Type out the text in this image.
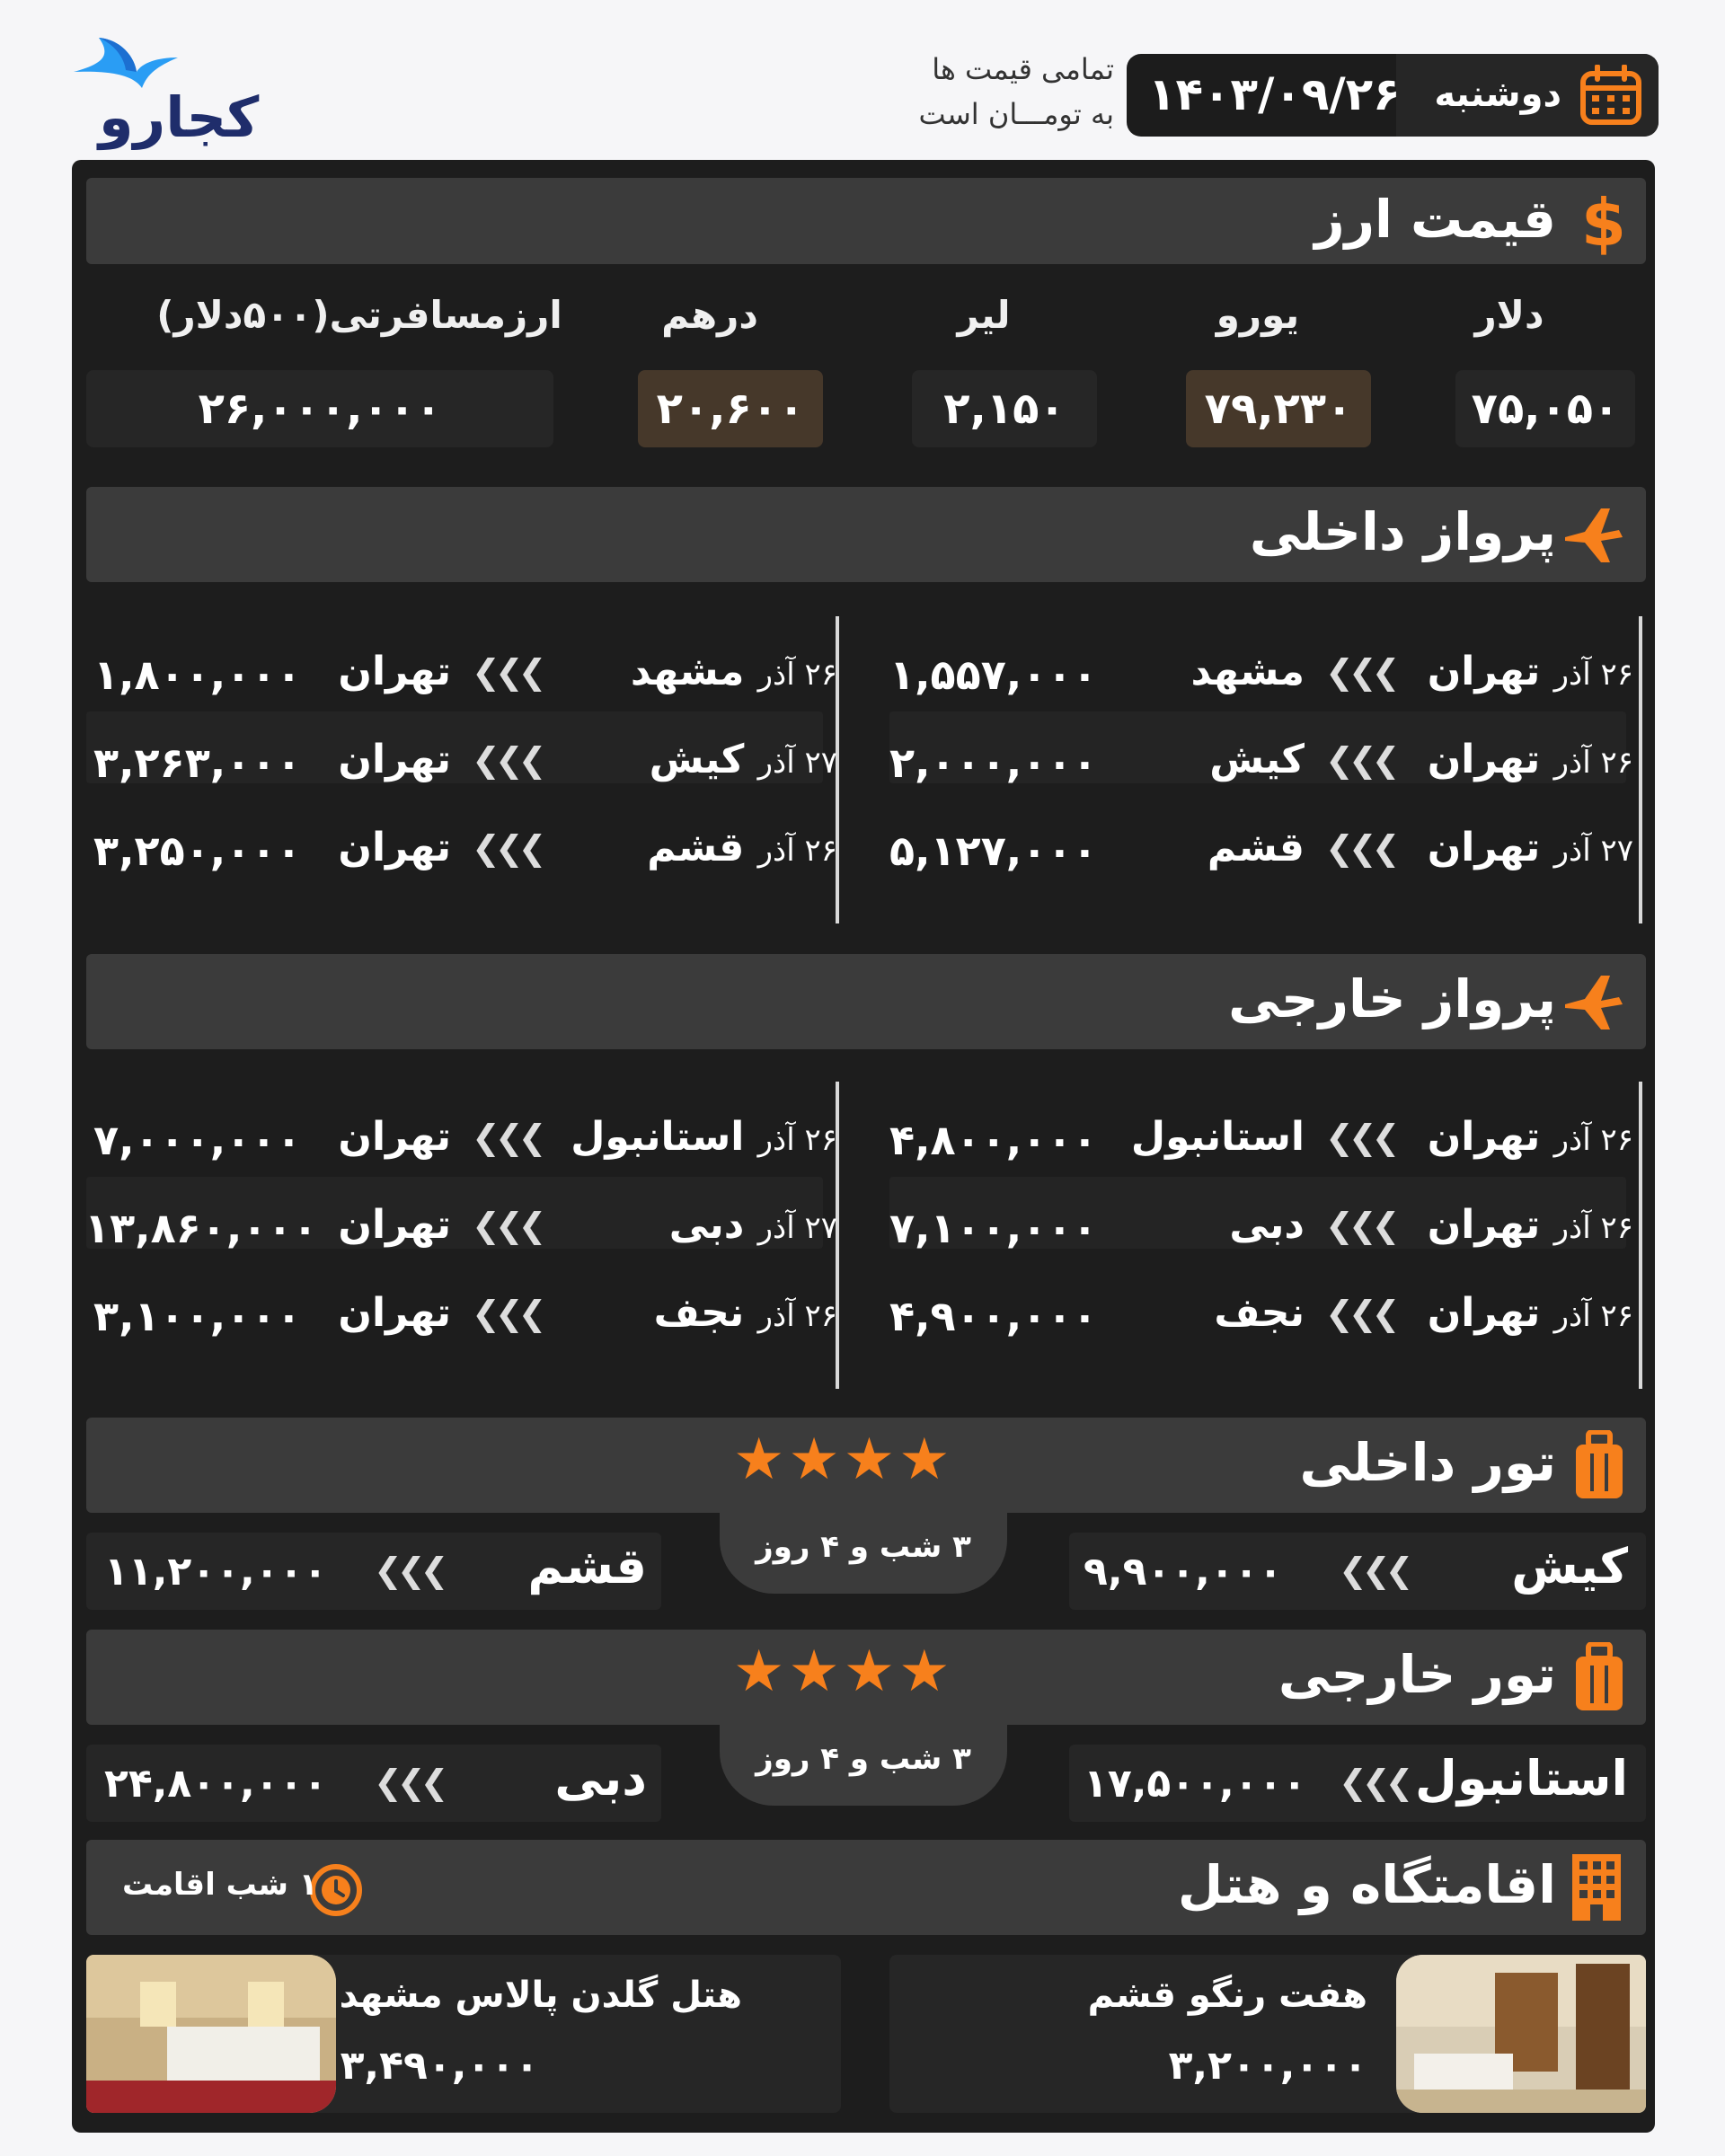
کجارو
تمامی قیمت ها
به تومـــان است	دوشنبه
۱۴۰۳/۰۹/۲۶
$
قیمت ارز
دلار
یورو
لیر
درهم
ارزمسافرتی(۵۰۰دلار)
۷۵,۰۵۰
۷۹,۲۳۰
۲,۱۵۰
۲۰,۶۰۰
۲۶,۰۰۰,۰۰۰
پرواز داخلی
۲۶ آذر تهران
❮❮❮
مشهد
۱,۵۵۷,۰۰۰
۲۶ آذر تهران
❮❮❮
کیش
۲,۰۰۰,۰۰۰
۲۷ آذر تهران
❮❮❮
قشم
۵,۱۲۷,۰۰۰
۲۶ آذر مشهد
❮❮❮
تهران
۱,۸۰۰,۰۰۰
۲۷ آذر کیش
❮❮❮
تهران
۳,۲۶۳,۰۰۰
۲۶ آذر قشم
❮❮❮
تهران
۳,۲۵۰,۰۰۰
پرواز خارجی
۲۶ آذر تهران
❮❮❮
استانبول
۴,۸۰۰,۰۰۰
۲۶ آذر تهران
❮❮❮
دبی
۷,۱۰۰,۰۰۰
۲۶ آذر تهران
❮❮❮
نجف
۴,۹۰۰,۰۰۰
۲۶ آذر استانبول
❮❮❮
تهران
۷,۰۰۰,۰۰۰
۲۷ آذر دبی
❮❮❮
تهران
۱۳,۸۶۰,۰۰۰
۲۶ آذر نجف
❮❮❮
تهران
۳,۱۰۰,۰۰۰
تور داخلی
۳ شب و ۴ روز
★★★★
کیش
❮❮❮
۹,۹۰۰,۰۰۰
قشم
❮❮❮
۱۱,۲۰۰,۰۰۰
تور خارجی
۳ شب و ۴ روز
★★★★
استانبول
❮❮❮
۱۷,۵۰۰,۰۰۰
دبی
❮❮❮
۲۴,۸۰۰,۰۰۰
اقامتگاه و هتل
۱ شب اقامت
هفت رنگو قشم
۳,۲۰۰,۰۰۰
هتل گلدن پالاس مشهد
۳,۴۹۰,۰۰۰
